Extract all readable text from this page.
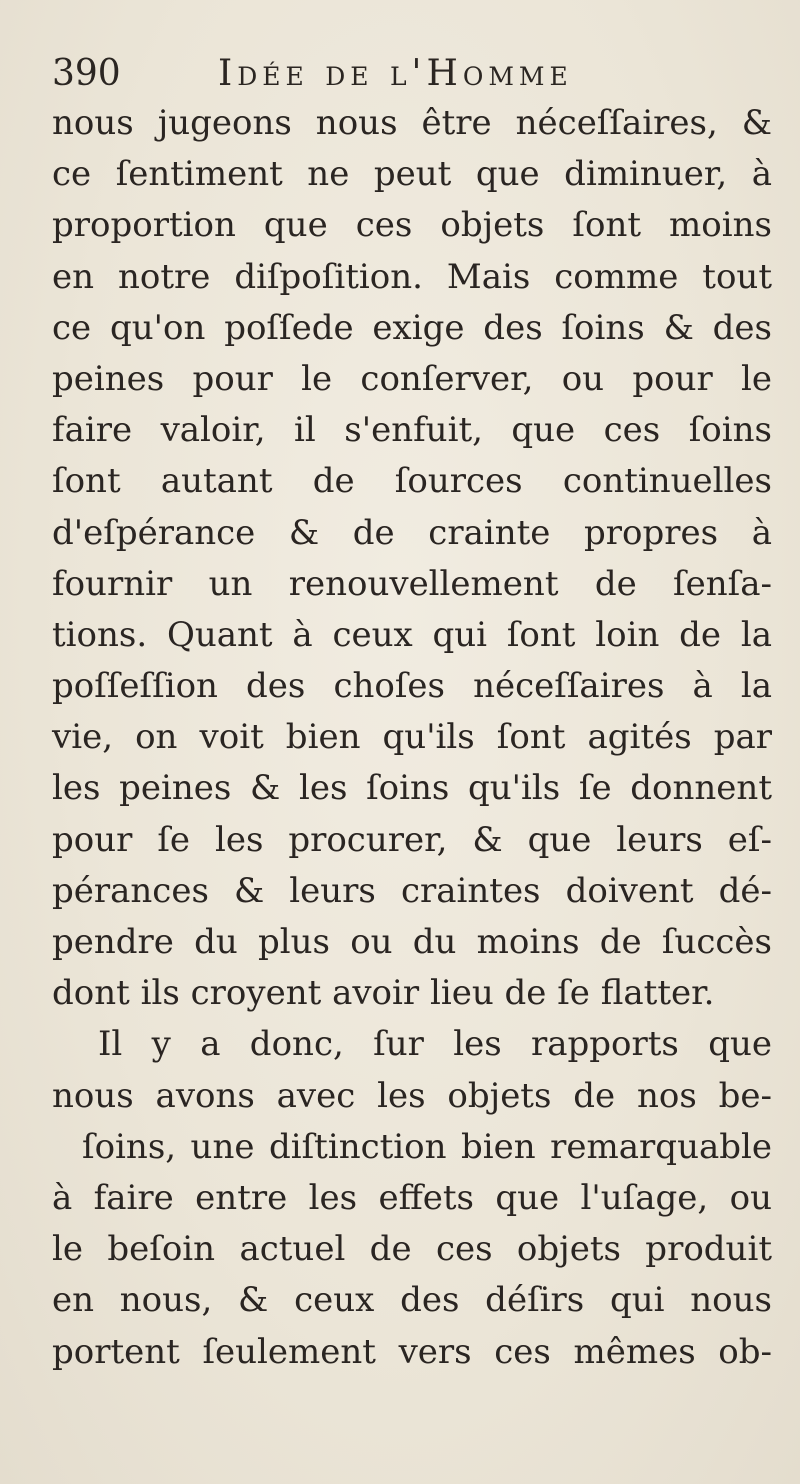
390	Idée de l'Homme
nous jugeons nous être néceſſaires, &
ce ſentiment ne peut que diminuer, à
proportion que ces objets ſont moins
en notre diſpoſition. Mais comme tout
ce qu'on poſſede exige des ſoins & des
peines pour le conſerver, ou pour le
faire valoir, il s'enfuit, que ces ſoins
ſont autant de ſources continuelles
d'eſpérance & de crainte propres à
fournir un renouvellement de ſenſa-
tions. Quant à ceux qui ſont loin de la
poſſeſſion des choſes néceſſaires à la
vie, on voit bien qu'ils ſont agités par
les peines & les ſoins qu'ils ſe donnent
pour ſe les procurer, & que leurs eſ-
pérances & leurs craintes doivent dé-
pendre du plus ou du moins de ſuccès
dont ils croyent avoir lieu de ſe flatter.
Il y a donc, ſur les rapports que
nous avons avec les objets de nos be-
ſoins, une diſtinction bien remarquable
à faire entre les effets que l'uſage, ou
le beſoin actuel de ces objets produit
en nous, & ceux des déſirs qui nous
portent ſeulement vers ces mêmes ob-
